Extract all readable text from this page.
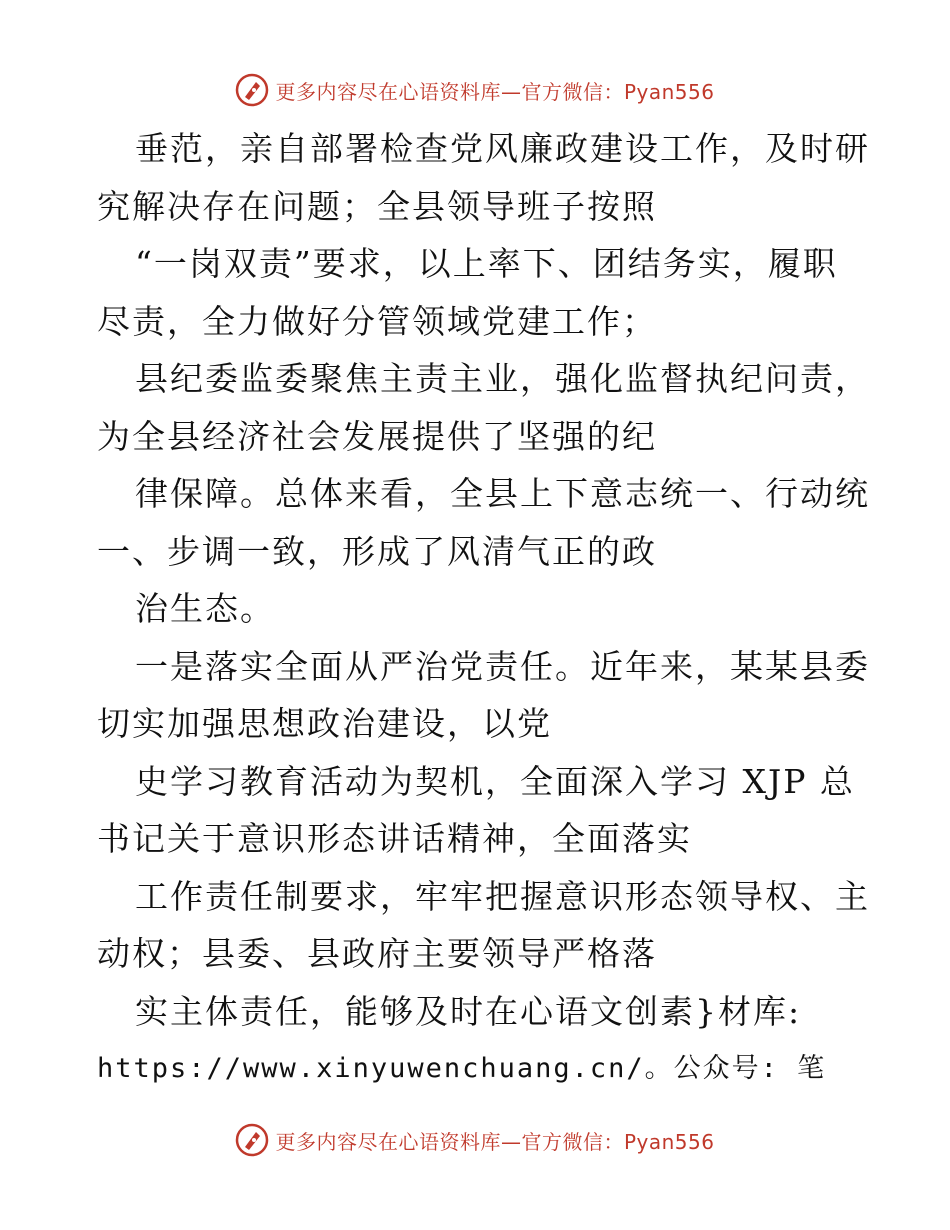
更多内容尽在心语资料库—官方微信：Pyan556
垂范，亲自部署检查党风廉政建设工作，及时研
究解决存在问题；全县领导班子按照
“一岗双责”要求，以上率下、团结务实，履职
尽责，全力做好分管领域党建工作；
县纪委监委聚焦主责主业，强化监督执纪问责，
为全县经济社会发展提供了坚强的纪
律保障。总体来看，全县上下意志统一、行动统
一、步调一致，形成了风清气正的政
治生态。
一是落实全面从严治党责任。近年来，某某县委
切实加强思想政治建设，以党
史学习教育活动为契机，全面深入学习 XJP 总
书记关于意识形态讲话精神，全面落实
工作责任制要求，牢牢把握意识形态领导权、主
动权；县委、县政府主要领导严格落
实主体责任，能够及时在心语文创素}材库:
https://www.xinyuwenchuang.cn/。公众号: 笔
更多内容尽在心语资料库—官方微信：Pyan556
